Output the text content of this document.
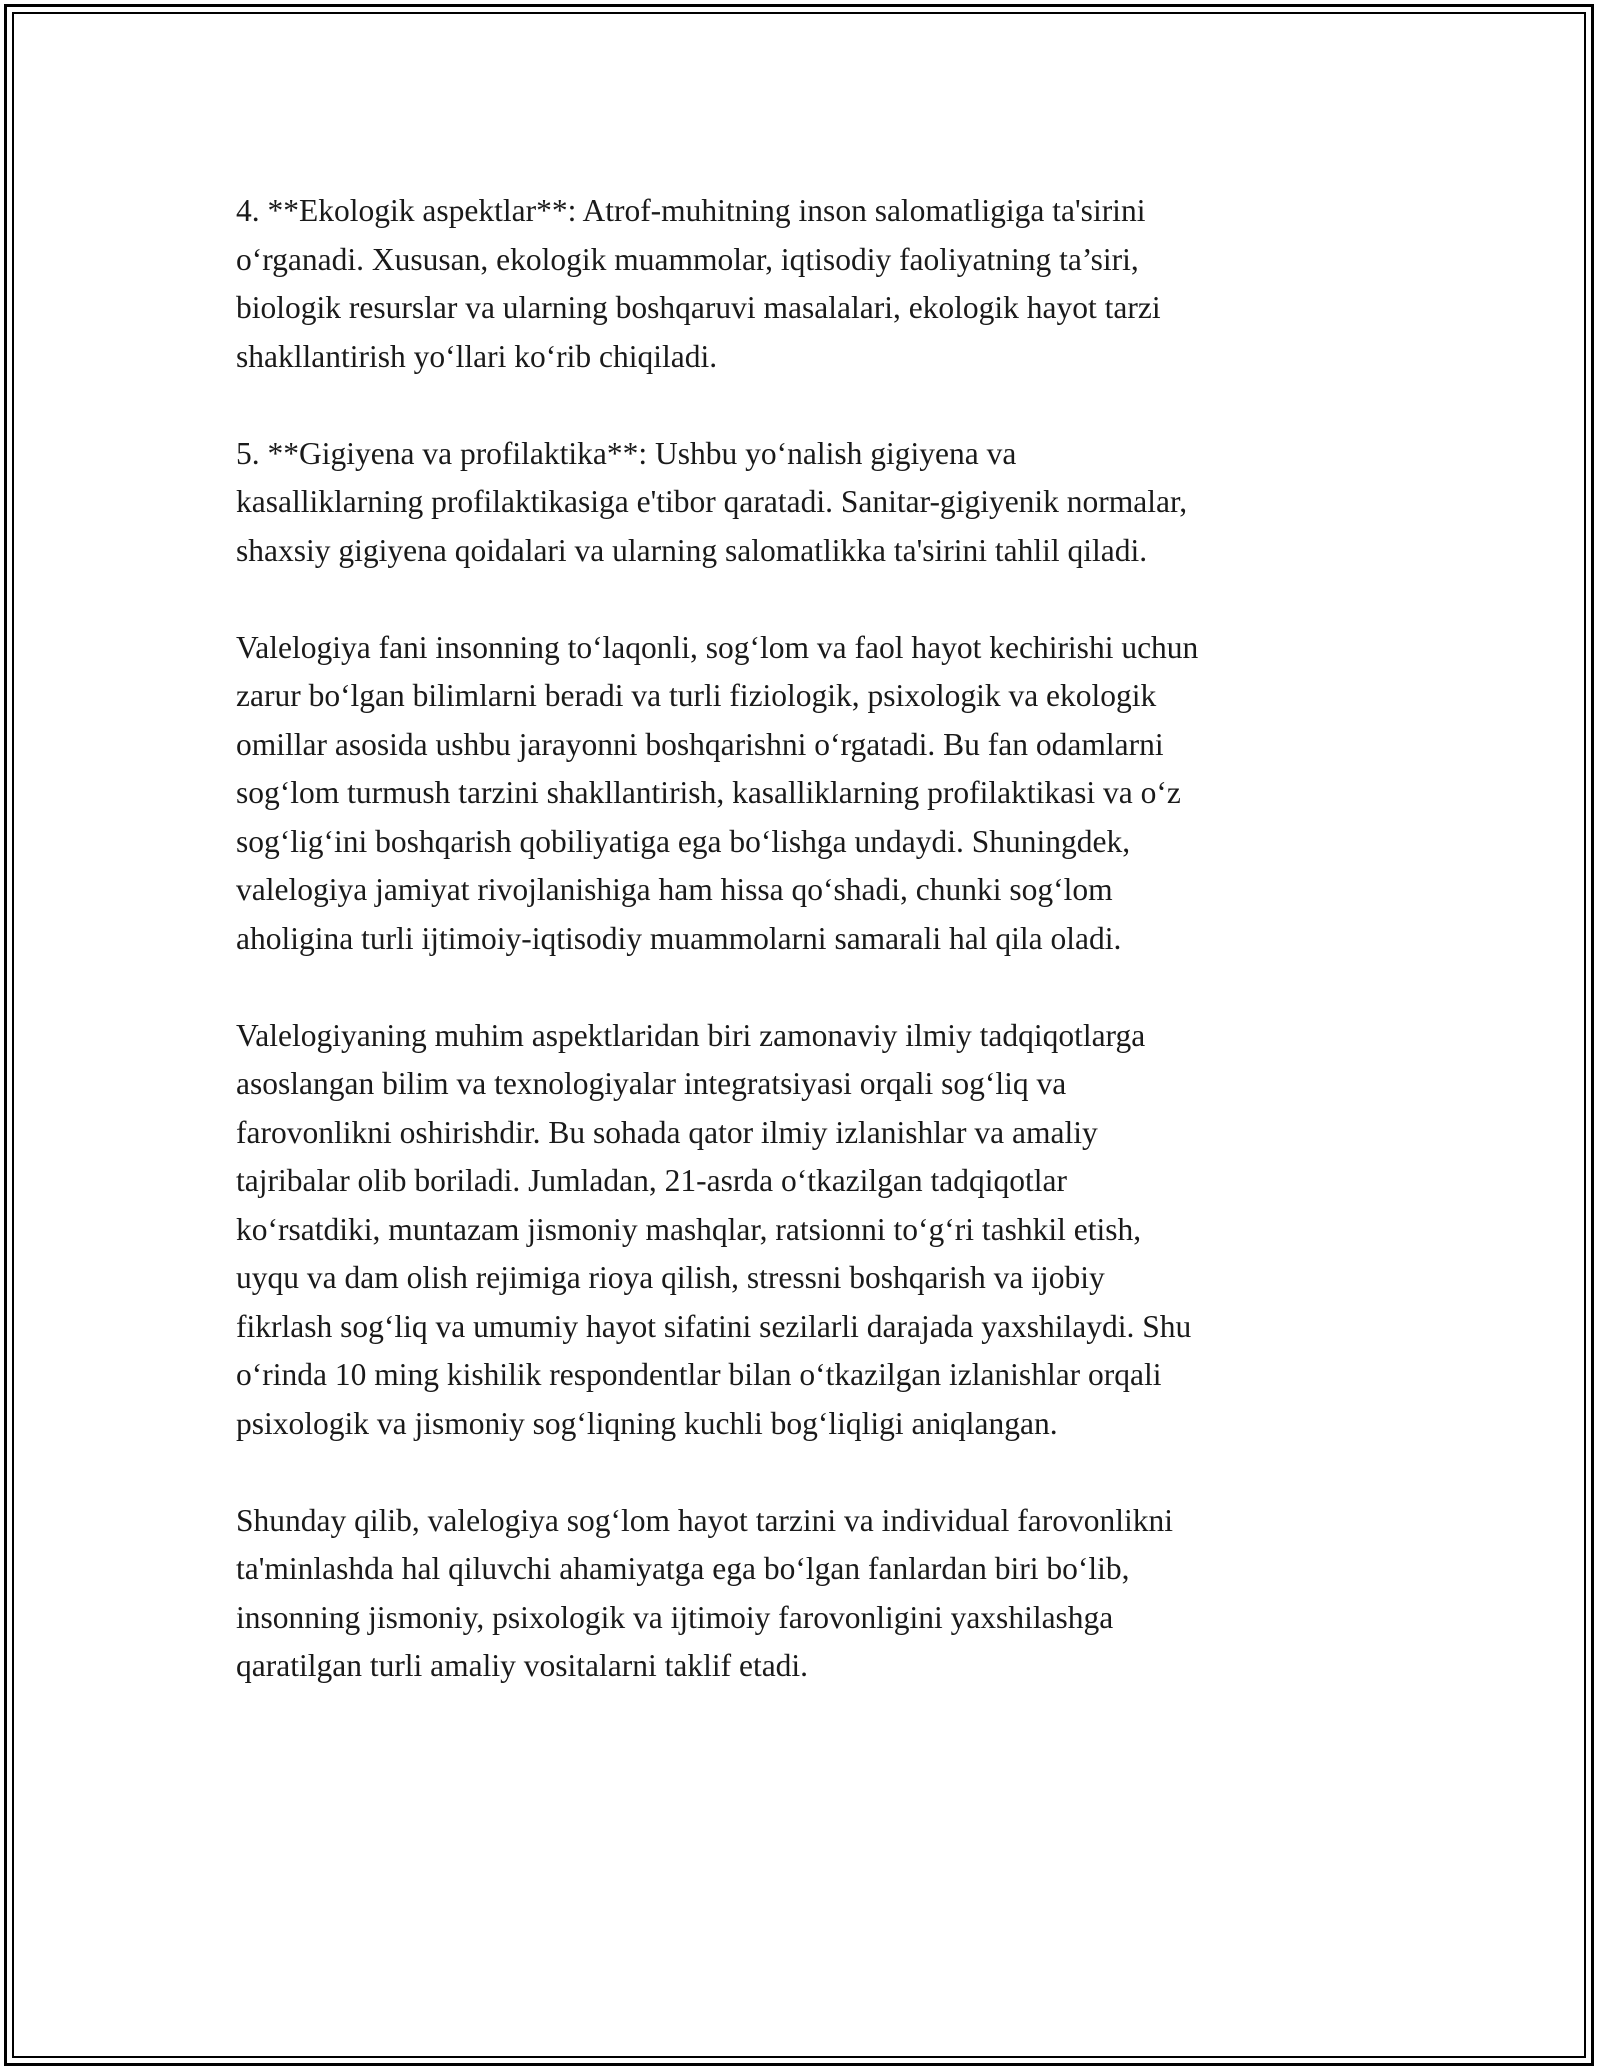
4. **Ekologik aspektlar**: Atrof-muhitning inson salomatligiga ta'sirini
o‘rganadi. Xususan, ekologik muammolar, iqtisodiy faoliyatning ta’siri,
biologik resurslar va ularning boshqaruvi masalalari, ekologik hayot tarzi
shakllantirish yo‘llari ko‘rib chiqiladi.

5. **Gigiyena va profilaktika**: Ushbu yo‘nalish gigiyena va
kasalliklarning profilaktikasiga e'tibor qaratadi. Sanitar-gigiyenik normalar,
shaxsiy gigiyena qoidalari va ularning salomatlikka ta'sirini tahlil qiladi.

Valelogiya fani insonning to‘laqonli, sog‘lom va faol hayot kechirishi uchun
zarur bo‘lgan bilimlarni beradi va turli fiziologik, psixologik va ekologik
omillar asosida ushbu jarayonni boshqarishni o‘rgatadi. Bu fan odamlarni
sog‘lom turmush tarzini shakllantirish, kasalliklarning profilaktikasi va o‘z
sog‘lig‘ini boshqarish qobiliyatiga ega bo‘lishga undaydi. Shuningdek,
valelogiya jamiyat rivojlanishiga ham hissa qo‘shadi, chunki sog‘lom
aholigina turli ijtimoiy-iqtisodiy muammolarni samarali hal qila oladi.

Valelogiyaning muhim aspektlaridan biri zamonaviy ilmiy tadqiqotlarga
asoslangan bilim va texnologiyalar integratsiyasi orqali sog‘liq va
farovonlikni oshirishdir. Bu sohada qator ilmiy izlanishlar va amaliy
tajribalar olib boriladi. Jumladan, 21-asrda o‘tkazilgan tadqiqotlar
ko‘rsatdiki, muntazam jismoniy mashqlar, ratsionni to‘g‘ri tashkil etish,
uyqu va dam olish rejimiga rioya qilish, stressni boshqarish va ijobiy
fikrlash sog‘liq va umumiy hayot sifatini sezilarli darajada yaxshilaydi. Shu
o‘rinda 10 ming kishilik respondentlar bilan o‘tkazilgan izlanishlar orqali
psixologik va jismoniy sog‘liqning kuchli bog‘liqligi aniqlangan.

Shunday qilib, valelogiya sog‘lom hayot tarzini va individual farovonlikni
ta'minlashda hal qiluvchi ahamiyatga ega bo‘lgan fanlardan biri bo‘lib,
insonning jismoniy, psixologik va ijtimoiy farovonligini yaxshilashga
qaratilgan turli amaliy vositalarni taklif etadi.
